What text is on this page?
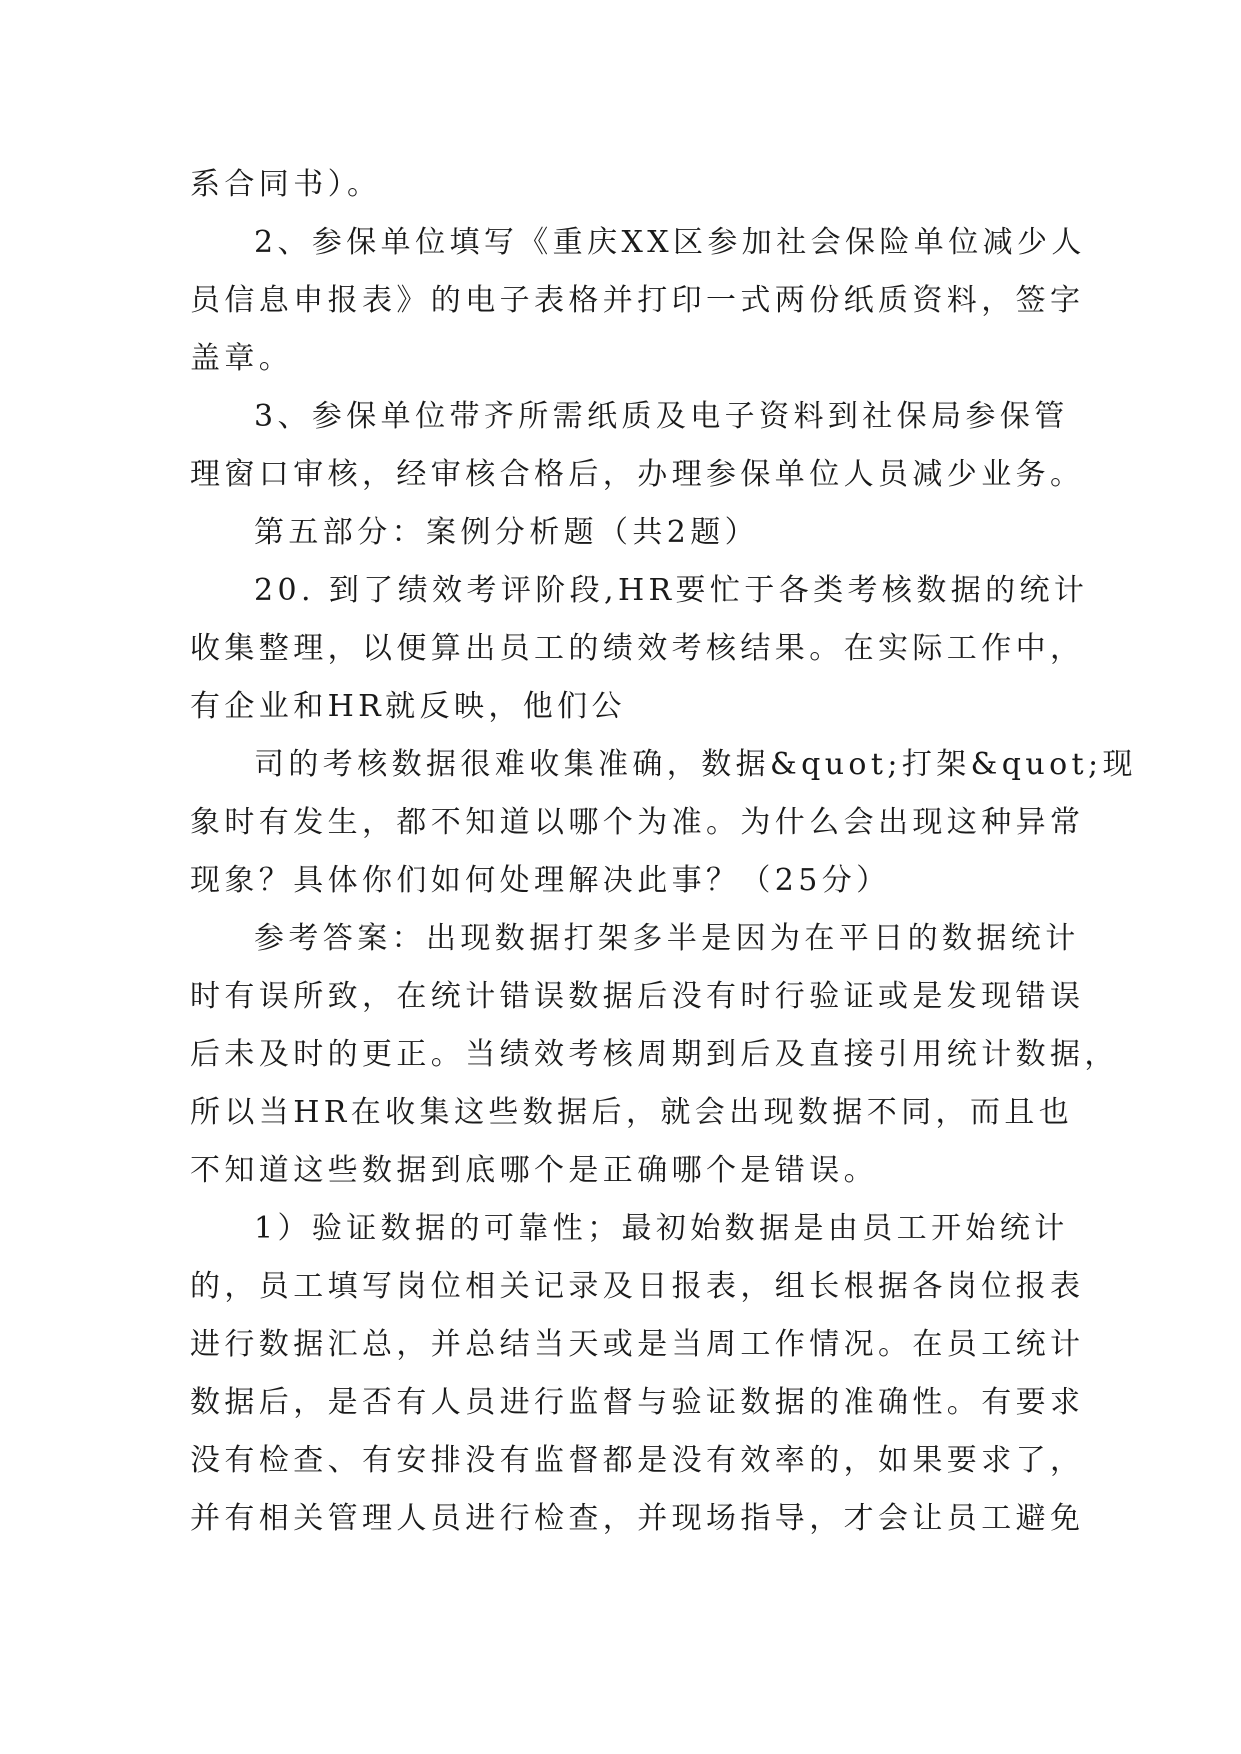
系合同书）。
2、参保单位填写《重庆XX区参加社会保险单位减少人
员信息申报表》的电子表格并打印一式两份纸质资料，签字
盖章。
3、参保单位带齐所需纸质及电子资料到社保局参保管
理窗口审核，经审核合格后，办理参保单位人员减少业务。
第五部分：案例分析题（共2题）
20. 到了绩效考评阶段,HR要忙于各类考核数据的统计
收集整理，以便算出员工的绩效考核结果。在实际工作中，
有企业和HR就反映，他们公
司的考核数据很难收集准确，数据&quot;打架&quot;现
象时有发生，都不知道以哪个为准。为什么会出现这种异常
现象？具体你们如何处理解决此事？（25分）
参考答案：出现数据打架多半是因为在平日的数据统计
时有误所致，在统计错误数据后没有时行验证或是发现错误
后未及时的更正。当绩效考核周期到后及直接引用统计数据，
所以当HR在收集这些数据后，就会出现数据不同，而且也
不知道这些数据到底哪个是正确哪个是错误。
1）验证数据的可靠性；最初始数据是由员工开始统计
的，员工填写岗位相关记录及日报表，组长根据各岗位报表
进行数据汇总，并总结当天或是当周工作情况。在员工统计
数据后，是否有人员进行监督与验证数据的准确性。有要求
没有检查、有安排没有监督都是没有效率的，如果要求了，
并有相关管理人员进行检查，并现场指导，才会让员工避免
